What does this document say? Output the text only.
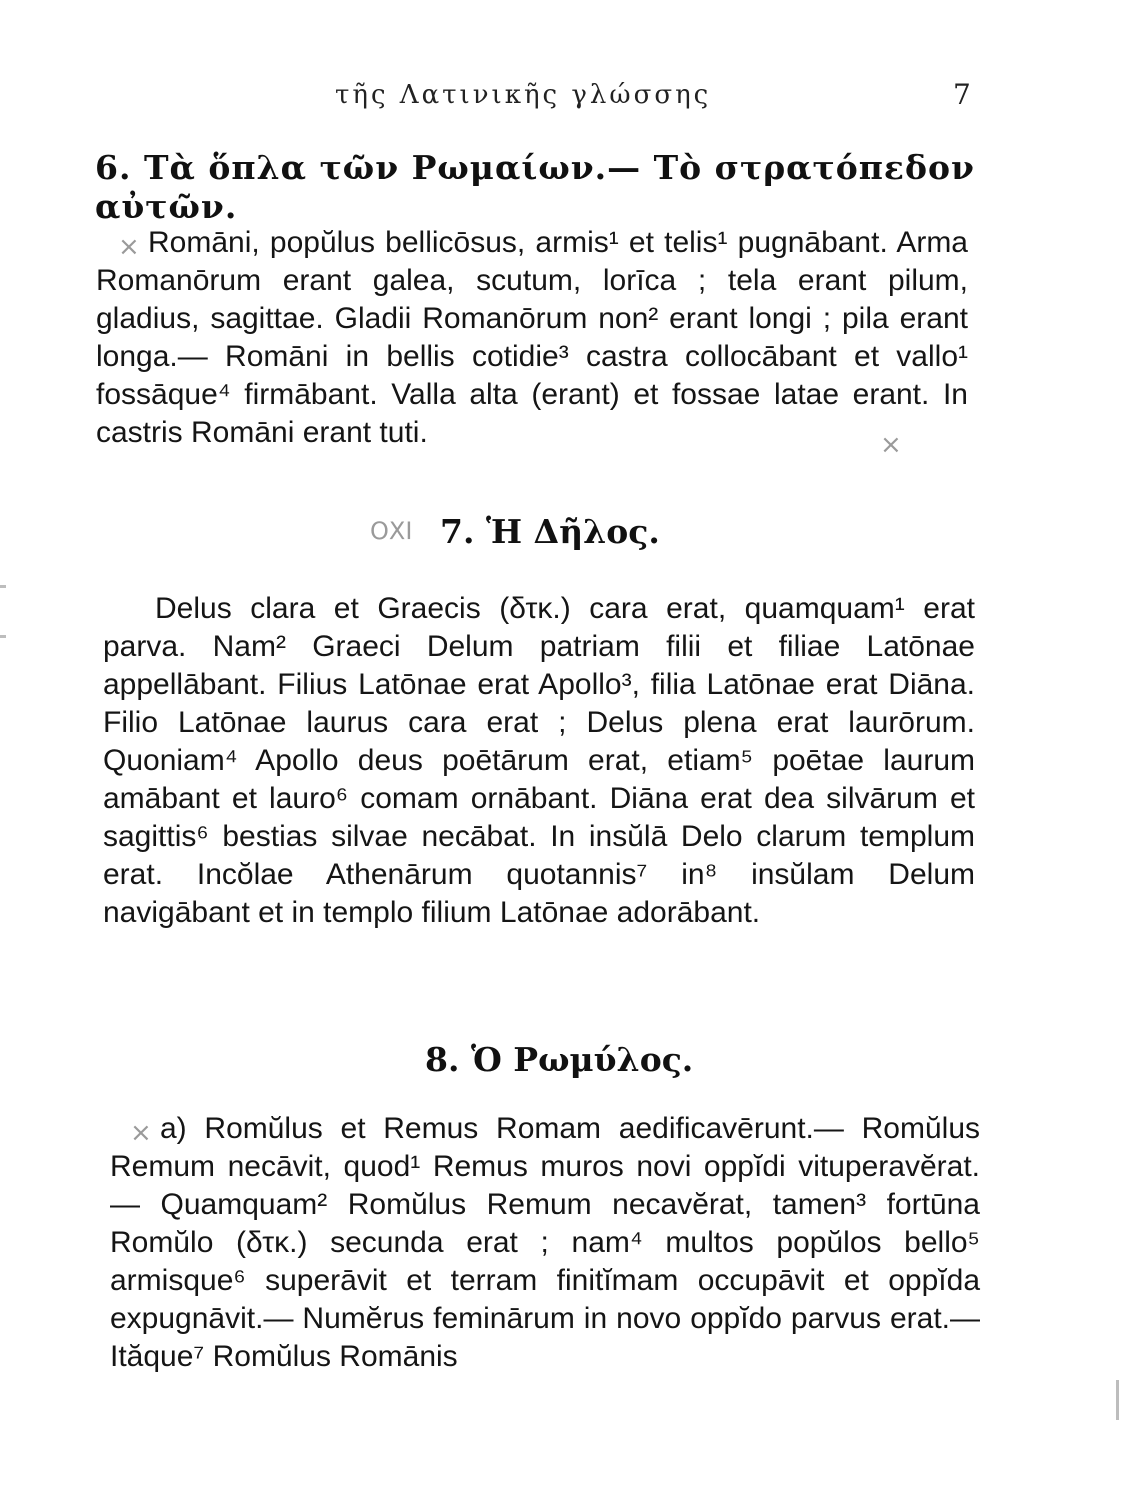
τῆς Λατινικῆς γλώσσης	7
×
6. Τὰ ὅπλα τῶν Ρωμαίων.— Τὸ στρατόπεδον αὐτῶν.
Romāni, popŭlus bellicōsus, armis¹ et telis¹ pugnābant. Arma Romanōrum erant galea, scutum, lorīca ; tela erant pilum, gladius, sagittae. Gladii Romanōrum non² erant longi ; pila erant longa.— Romāni in bellis cotidie³ castra collocābant et vallo¹ fossāque⁴ firmābant. Valla alta (erant) et fossae latae erant. In castris Romāni erant tuti.	×
ΟΧΙ 7. Ἡ Δῆλος.
Delus clara et Graecis (δτκ.) cara erat, quamquam¹ erat parva. Nam² Graeci Delum patriam filii et filiae Latōnae appellābant. Filius Latōnae erat Apollo³, filia Latōnae erat Diāna. Filio Latōnae laurus cara erat ; Delus plena erat laurōrum. Quoniam⁴ Apollo deus poētārum erat, etiam⁵ poētae laurum amābant et lauro⁶ comam ornābant. Diāna erat dea silvārum et sagittis⁶ bestias silvae necābat. In insŭlā Delo clarum templum erat. Incŏlae Athenārum quotannis⁷ in⁸ insŭlam Delum navigābant et in templo filium Latōnae adorābant.
8. Ὁ Ρωμύλος.
× a) Romŭlus et Remus Romam aedificavērunt.— Romŭlus Remum necāvit, quod¹ Remus muros novi oppĭdi vituperavĕrat.— Quamquam² Romŭlus Remum necavĕrat, tamen³ fortūna Romŭlo (δτκ.) secunda erat ; nam⁴ multos popŭlos bello⁵ armisque⁶ superāvit et terram finitĭmam occupāvit et oppĭda expugnāvit.— Numĕrus feminārum in novo oppĭdo parvus erat.— Ităque⁷ Romŭlus Romānis
